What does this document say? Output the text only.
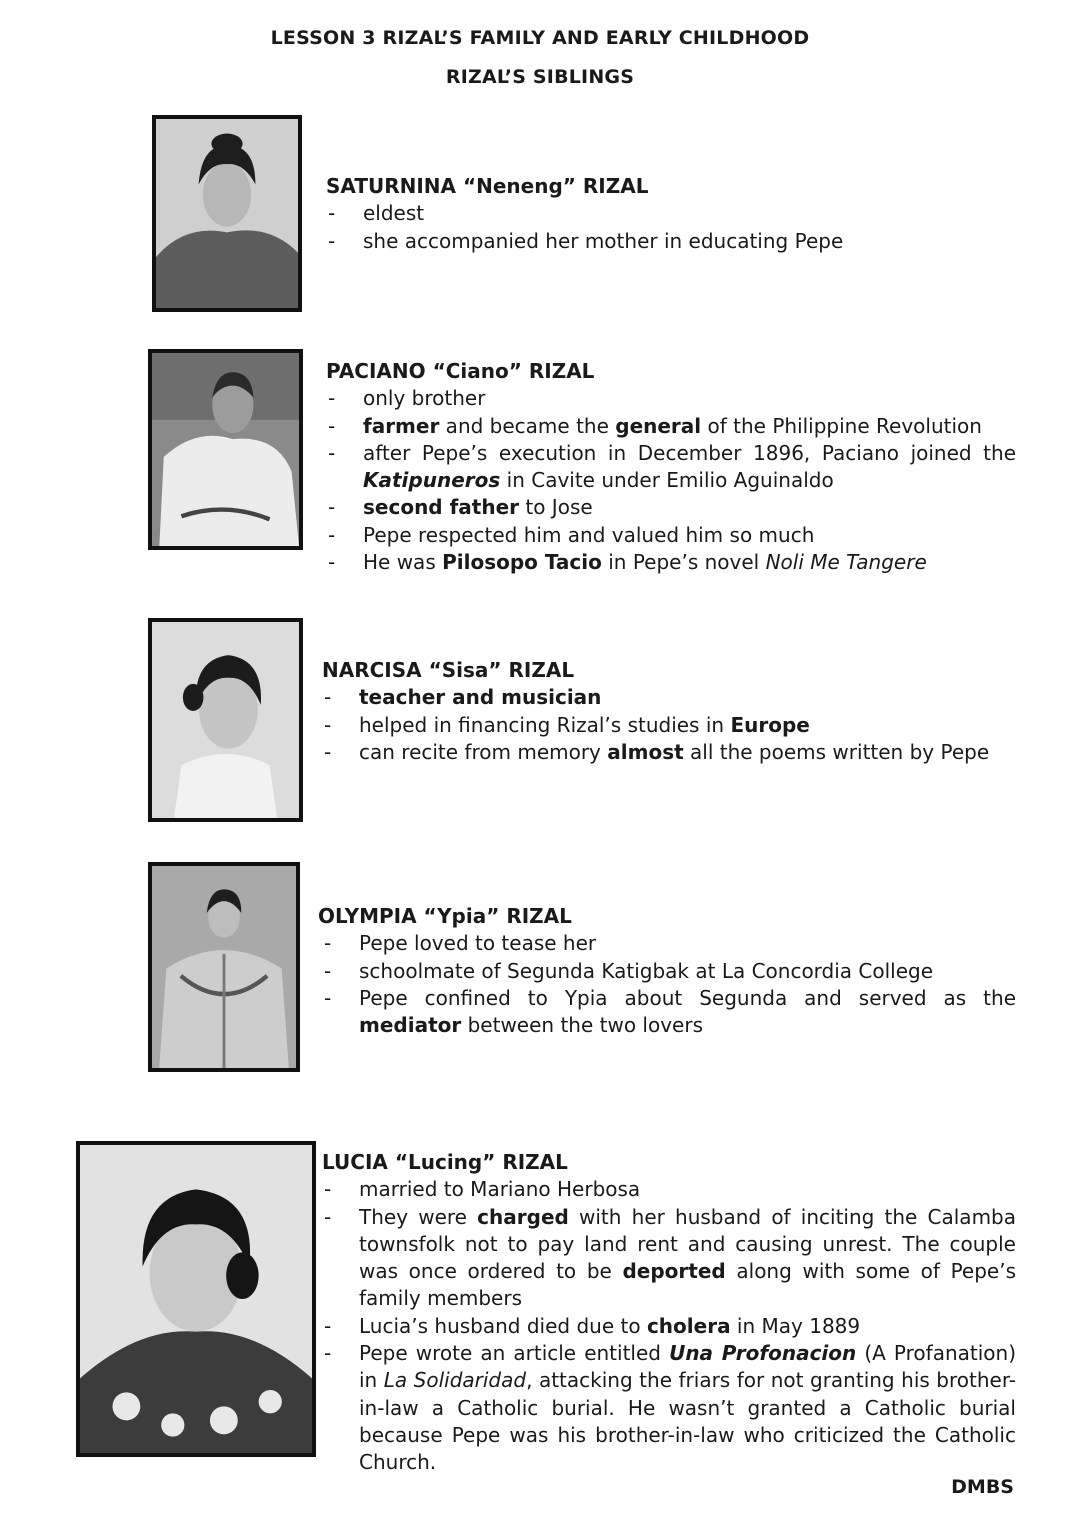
LESSON 3 RIZAL’S FAMILY AND EARLY CHILDHOOD
RIZAL’S SIBLINGS

SATURNINA “Neneng” RIZAL

- eldest
- she accompanied her mother in educating Pepe

PACIANO “Ciano” RIZAL

- only brother
- farmer and became the general of the Philippine Revolution
- after Pepe’s execution in December 1896, Paciano joined the Katipuneros in Cavite under Emilio Aguinaldo
- second father to Jose
- Pepe respected him and valued him so much
- He was Pilosopo Tacio in Pepe’s novel Noli Me Tangere

NARCISA “Sisa” RIZAL

- teacher and musician
- helped in financing Rizal’s studies in Europe
- can recite from memory almost all the poems written by Pepe

OLYMPIA “Ypia” RIZAL

- Pepe loved to tease her
- schoolmate of Segunda Katigbak at La Concordia College
- Pepe confined to Ypia about Segunda and served as the mediator between the two lovers

LUCIA “Lucing” RIZAL

- married to Mariano Herbosa
- They were charged with her husband of inciting the Calamba townsfolk not to pay land rent and causing unrest. The couple was once ordered to be deported along with some of Pepe’s family members
- Lucia’s husband died due to cholera in May 1889
- Pepe wrote an article entitled Una Profonacion (A Profanation) in La Solidaridad, attacking the friars for not granting his brother-in-law a Catholic burial. He wasn’t granted a Catholic burial because Pepe was his brother-in-law who criticized the Catholic Church.
DMBS
